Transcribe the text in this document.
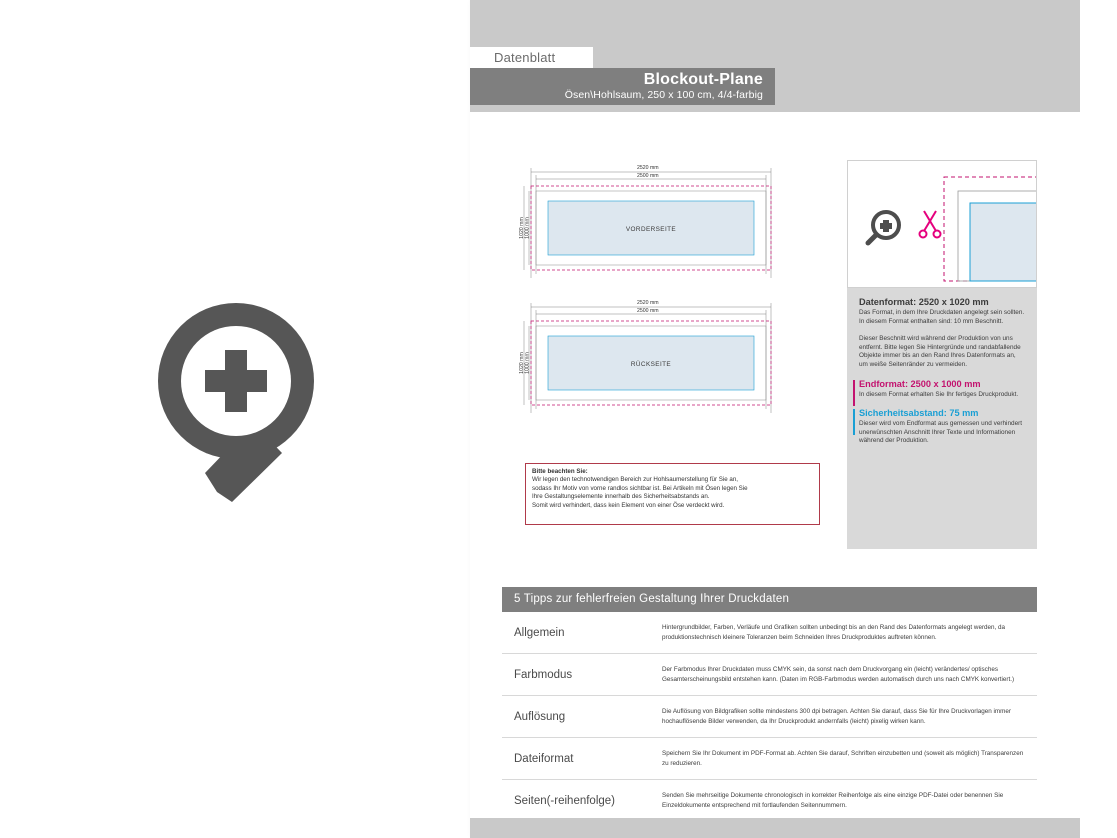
Datenblatt
Blockout-Plane
Ösen\Hohlsaum, 250 x 100 cm, 4/4-farbig
2520 mm
2500 mm
1020 mm 1000 mm	VORDERSEITE
2520 mm
2500 mm
1020 mm 1000 mm	RÜCKSEITE
Bitte beachten Sie:
Wir legen den technotwendigen Bereich zur Hohlsaumerstellung für Sie an,
sodass Ihr Motiv von vorne randlos sichtbar ist. Bei Artikeln mit Ösen legen Sie
Ihre Gestaltungselemente innerhalb des Sicherheitsabstands an.
Somit wird verhindert, dass kein Element von einer Öse verdeckt wird.
Datenformat: 2520 x 1020 mm
Das Format, in dem Ihre Druckdaten angelegt sein sollten. In diesem Format enthalten sind: 10 mm Beschnitt.
Dieser Beschnitt wird während der Produktion von uns entfernt. Bitte legen Sie Hintergründe und randabfallende Objekte immer bis an den Rand Ihres Datenformats an, um weiße Seitenränder zu vermeiden.
Endformat: 2500 x 1000 mm
In diesem Format erhalten Sie Ihr fertiges Druckprodukt.
Sicherheitsabstand: 75 mm
Dieser wird vom Endformat aus gemessen und verhindert unerwünschten Anschnitt Ihrer Texte und Informationen während der Produktion.
5 Tipps zur fehlerfreien Gestaltung Ihrer Druckdaten
Allgemein	Hintergrundbilder, Farben, Verläufe und Grafiken sollten unbedingt bis an den Rand des Datenformats angelegt werden, da produktionstechnisch kleinere Toleranzen beim Schneiden Ihres Druckproduktes auftreten können.
Farbmodus	Der Farbmodus Ihrer Druckdaten muss CMYK sein, da sonst nach dem Druckvorgang ein (leicht) verändertes/ optisches Gesamterscheinungsbild entstehen kann. (Daten im RGB-Farbmodus werden automatisch durch uns nach CMYK konvertiert.)
Auflösung	Die Auflösung von Bildgrafiken sollte mindestens 300 dpi betragen. Achten Sie darauf, dass Sie für Ihre Druckvorlagen immer hochauflösende Bilder verwenden, da Ihr Druckprodukt andernfalls (leicht) pixelig wirken kann.
Dateiformat	Speichern Sie Ihr Dokument im PDF-Format ab. Achten Sie darauf, Schriften einzubetten und (soweit als möglich) Transparenzen zu reduzieren.
Seiten(-reihenfolge)	Senden Sie mehrseitige Dokumente chronologisch in korrekter Reihenfolge als eine einzige PDF-Datei oder benennen Sie Einzeldokumente entsprechend mit fortlaufenden Seitennummern.
